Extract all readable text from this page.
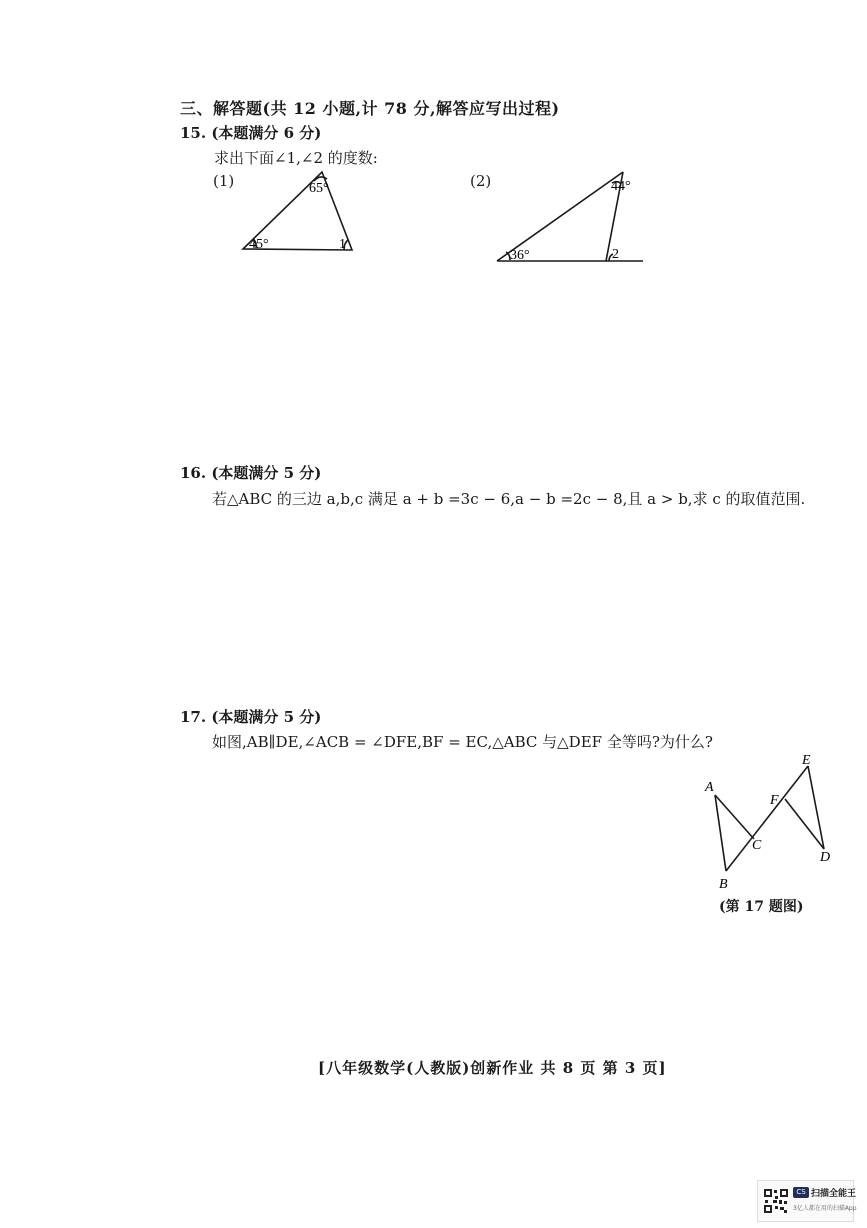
三、解答题(共 12 小题,计 78 分,解答应写出过程)
15. (本题满分 6 分)
求出下面∠1,∠2 的度数:
(1)	(2)
65°
45°	1
44°
36°	2
16. (本题满分 5 分)
若△ABC 的三边 a,b,c 满足 a + b =3c − 6,a − b =2c − 8,且 a > b,求 c 的取值范围.
17. (本题满分 5 分)
如图,AB∥DE,∠ACB = ∠DFE,BF = EC,△ABC 与△DEF 全等吗?为什么?
A
B
C
D
E
F
(第 17 题图)
[八年级数学(人教版)创新作业 共 8 页 第 3 页]
CS 扫描全能王
3亿人都在用的扫描App
